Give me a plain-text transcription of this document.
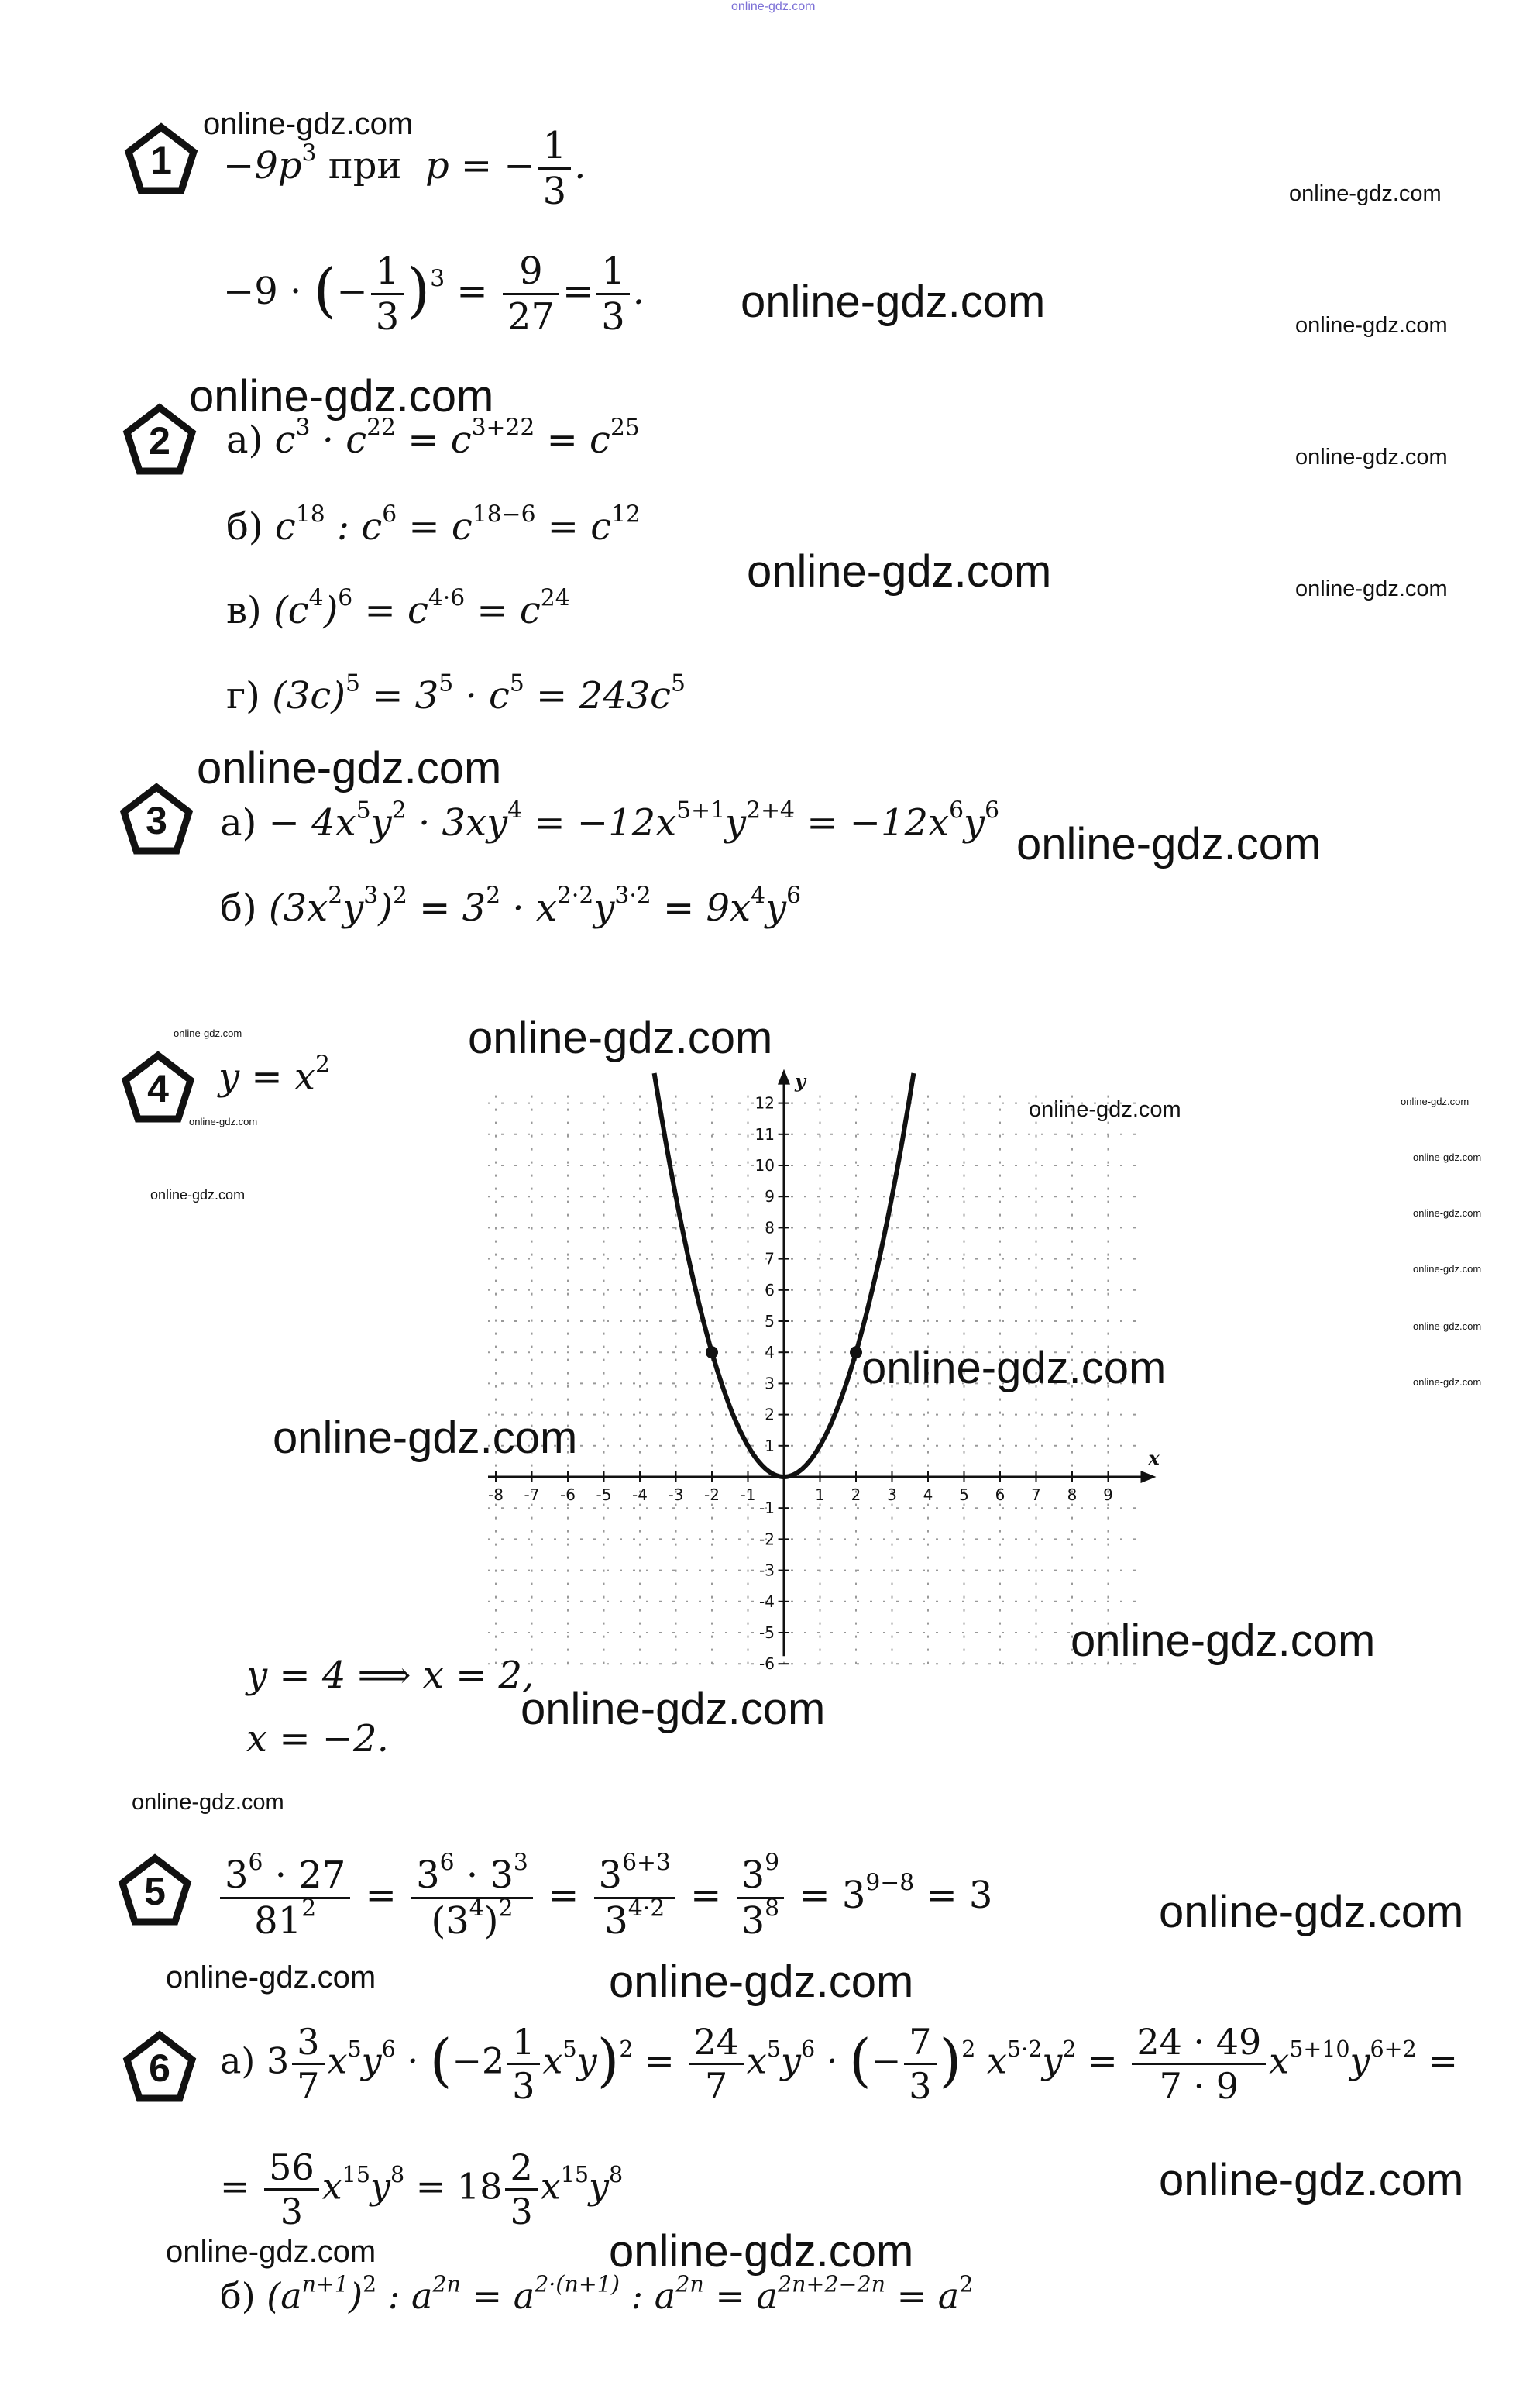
online-gdz.com
1
online-gdz.com
$-9p^3$ при p = − $\frac{1}{3}$ .
online-gdz.com
−9 · (− $\frac{1}{3} )^3 = \frac{9}{27} = \frac{1}{3}$ . online-gdz.com	online-gdz.com
online-gdz.com
2 а) $c^3 \cdot c^{22} = c^{3+22} = c^{25}$
online-gdz.com
б) $c^{18}$ : $c^6 = c^{18-6} = c^{12}$
online-gdz.com	online-gdz.com
в) $(c^4)^6 = c^{4\cdot 6} = c^{24}$
г) $(3c)^5 = 3^5 \cdot c^5 = 243c^5$
online-gdz.com
3 $а) - 4x^5y^2 \cdot 3xy^4 = -12x^{5+1}y^{2+4} = -12x^6y^6$
online-gdz.com
б) $(3x^2y^3)^2 = 3^2 \cdot x^{2\cdot 2}y^{3\cdot 2} = 9x^4y^6$
online-gdz.com
online-gdz.com
4 $y = x^2$
online-gdz.com	online-gdz.com	online-gdz.com
online-gdz.com
online-gdz.com
online-gdz.com
online-gdz.com
online-gdz.com
online-gdz.com
x
y
-8 -7 -6 -5 -4 -3 -2 -1	1 2 3 4 5 6 7 8 9
-6
-5
-4
-3
-2
-1
1
2
3
4
5
6
7
8
9
10
11
12
online-gdz.com
online-gdz.com
online-gdz.com
y = 4 ⟹ x = 2,
online-gdz.com
x = −2.
online-gdz.com
$5 \frac{3^6 \cdot 27}{81^2} = \frac{3^6 \cdot 3^3}{(3^4)^2} = \frac{3^{6+3}}{3^{4\cdot 2}} = \frac{3^9}{3^8} = 3^{9-8} = 3$	online-gdz.com
online-gdz.com	online-gdz.com
6 а) $3 \frac{3}{7} x^5y^6 \cdot (-2 \frac{1}{3} x^5y)^2 = \frac{24}{7} x^5y^6$ · (− $\frac{7}{3} )^2$ $x^{5\cdot 2}y^2 = \frac{24 \cdot 49}{7 \cdot 9} x^{5+10}y^{6+2}$ =
= $\frac{56}{3} x^{15}y^8 = 18 \frac{2}{3} x^{15}y^8$	online-gdz.com
online-gdz.com	online-gdz.com
б) $(a^{n+1})^2$ : $a^{2n} = a^{2\cdot(n+1)}$ : $a^{2n} = a^{2n+2-2n} = a^2$
